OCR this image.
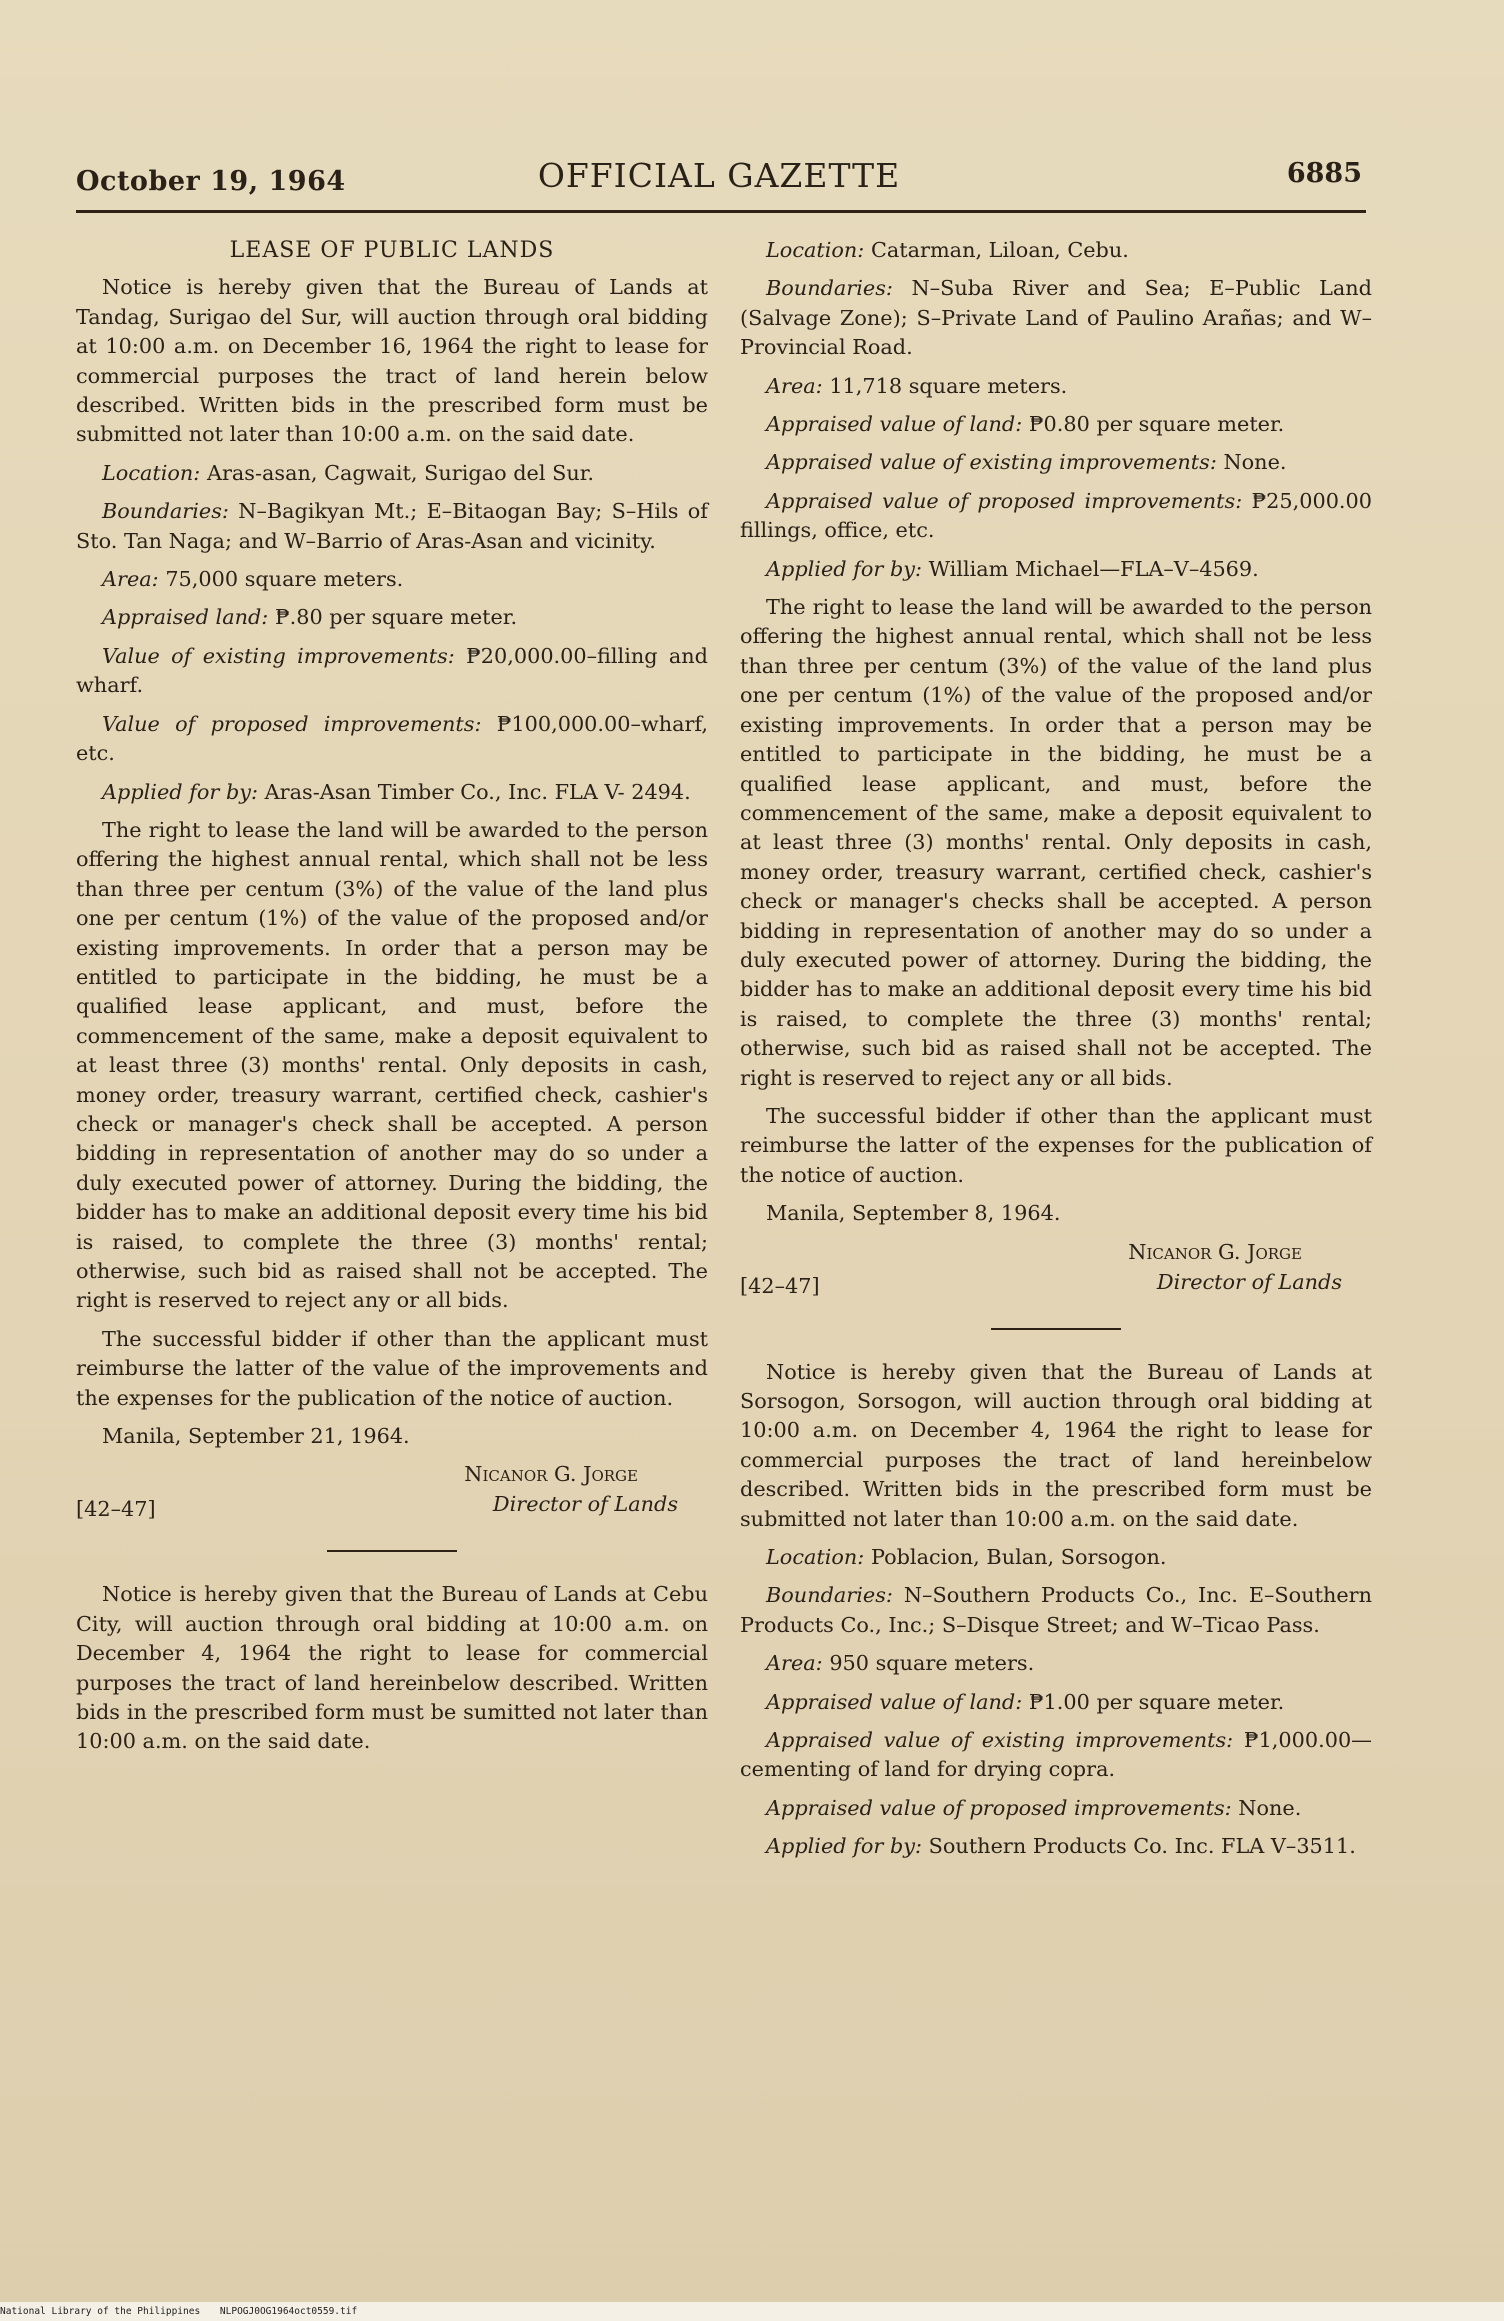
October 19, 1964	OFFICIAL GAZETTE	6885
LEASE OF PUBLIC LANDS

Notice is hereby given that the Bureau of Lands at Tandag, Surigao del Sur, will auction through oral bidding at 10:00 a.m. on December 16, 1964 the right to lease for commercial purposes the tract of land herein below described. Written bids in the prescribed form must be submitted not later than 10:00 a.m. on the said date.

Location: Aras-asan, Cagwait, Surigao del Sur.

Boundaries: N–Bagikyan Mt.; E–Bitaogan Bay; S–Hils of Sto. Tan Naga; and W–Barrio of Aras-Asan and vicinity.

Area: 75,000 square meters.

Appraised land: ₱.80 per square meter.

Value of existing improvements: ₱20,000.00–filling and wharf.

Value of proposed improvements: ₱100,000.00–wharf, etc.

Applied for by: Aras-Asan Timber Co., Inc. FLA V- 2494.

The right to lease the land will be awarded to the person offering the highest annual rental, which shall not be less than three per centum (3%) of the value of the land plus one per centum (1%) of the value of the proposed and/or existing improvements. In order that a person may be entitled to participate in the bidding, he must be a qualified lease applicant, and must, before the commencement of the same, make a deposit equivalent to at least three (3) months' rental. Only deposits in cash, money order, treasury warrant, certified check, cashier's check or manager's check shall be accepted. A person bidding in representation of another may do so under a duly executed power of attorney. During the bidding, the bidder has to make an additional deposit every time his bid is raised, to complete the three (3) months' rental; otherwise, such bid as raised shall not be accepted. The right is reserved to reject any or all bids.

The successful bidder if other than the applicant must reimburse the latter of the value of the improvements and the expenses for the publication of the notice of auction.

Manila, September 21, 1964.

[42–47]
Nicanor G. Jorge
Director of Lands

Notice is hereby given that the Bureau of Lands at Cebu City, will auction through oral bidding at 10:00 a.m. on December 4, 1964 the right to lease for commercial purposes the tract of land hereinbelow described. Written bids in the prescribed form must be sumitted not later than 10:00 a.m. on the said date.

Location: Catarman, Liloan, Cebu.

Boundaries: N–Suba River and Sea; E–Public Land (Salvage Zone); S–Private Land of Paulino Arañas; and W–Provincial Road.

Area: 11,718 square meters.

Appraised value of land: ₱0.80 per square meter.

Appraised value of existing improvements: None.

Appraised value of proposed improvements: ₱25,000.00 fillings, office, etc.

Applied for by: William Michael—FLA–V–4569.

The right to lease the land will be awarded to the person offering the highest annual rental, which shall not be less than three per centum (3%) of the value of the land plus one per centum (1%) of the value of the proposed and/or existing improvements. In order that a person may be entitled to participate in the bidding, he must be a qualified lease applicant, and must, before the commencement of the same, make a deposit equivalent to at least three (3) months' rental. Only deposits in cash, money order, treasury warrant, certified check, cashier's check or manager's checks shall be accepted. A person bidding in representation of another may do so under a duly executed power of attorney. During the bidding, the bidder has to make an additional deposit every time his bid is raised, to complete the three (3) months' rental; otherwise, such bid as raised shall not be accepted. The right is reserved to reject any or all bids.

The successful bidder if other than the applicant must reimburse the latter of the expenses for the publication of the notice of auction.

Manila, September 8, 1964.

[42–47]
Nicanor G. Jorge
Director of Lands

Notice is hereby given that the Bureau of Lands at Sorsogon, Sorsogon, will auction through oral bidding at 10:00 a.m. on December 4, 1964 the right to lease for commercial purposes the tract of land hereinbelow described. Written bids in the prescribed form must be submitted not later than 10:00 a.m. on the said date.

Location: Poblacion, Bulan, Sorsogon.

Boundaries: N–Southern Products Co., Inc. E–Southern Products Co., Inc.; S–Disque Street; and W–Ticao Pass.

Area: 950 square meters.

Appraised value of land: ₱1.00 per square meter.

Appraised value of existing improvements: ₱1,000.00—cementing of land for drying copra.

Appraised value of proposed improvements: None.

Applied for by: Southern Products Co. Inc. FLA V–3511.

National Library of the Philippines NLPOGJ0OG1964oct0559.tif
